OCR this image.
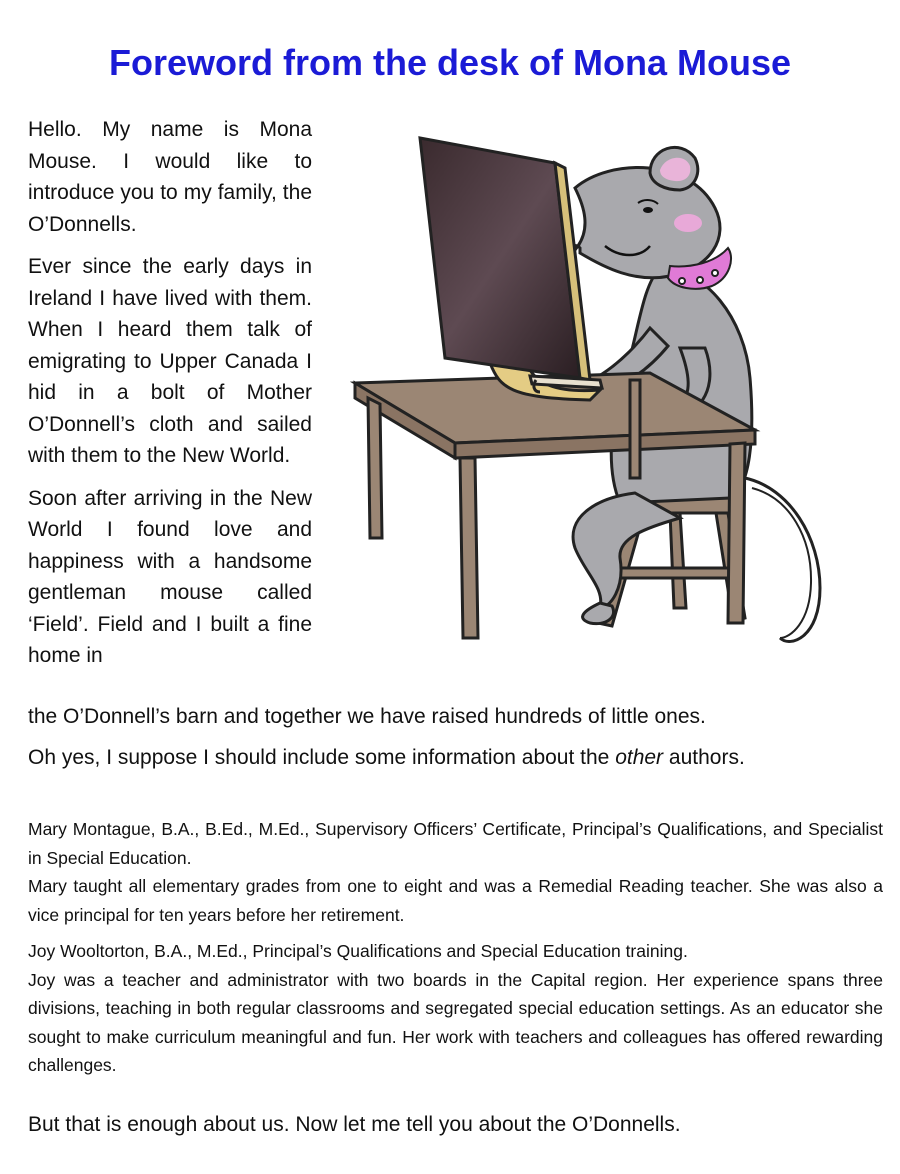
Foreword from the desk of Mona Mouse

Hello. My name is Mona Mouse. I would like to introduce you to my family, the O’Donnells.

Ever since the early days in Ireland I have lived with them. When I heard them talk of emigrating to Upper Canada I hid in a bolt of Mother O’Donnell’s cloth and sailed with them to the New World.

Soon after arriving in the New World I found love and happiness with a handsome gentleman mouse called ‘Field’. Field and I built a fine home in

the O’Donnell’s barn and together we have raised hundreds of little ones.

Oh yes, I suppose I should include some information about the other authors.

Mary Montague, B.A., B.Ed., M.Ed., Supervisory Officers’ Certificate, Principal’s Qualifications, and Specialist in Special Education.
Mary taught all elementary grades from one to eight and was a Remedial Reading teacher. She was also a vice principal for ten years before her retirement.
Joy Wooltorton, B.A., M.Ed., Principal’s Qualifications and Special Education training.
Joy was a teacher and administrator with two boards in the Capital region. Her experience spans three divisions, teaching in both regular classrooms and segregated special education settings. As an educator she sought to make curriculum meaningful and fun. Her work with teachers and colleagues has offered rewarding challenges.

But that is enough about us. Now let me tell you about the O’Donnells.
